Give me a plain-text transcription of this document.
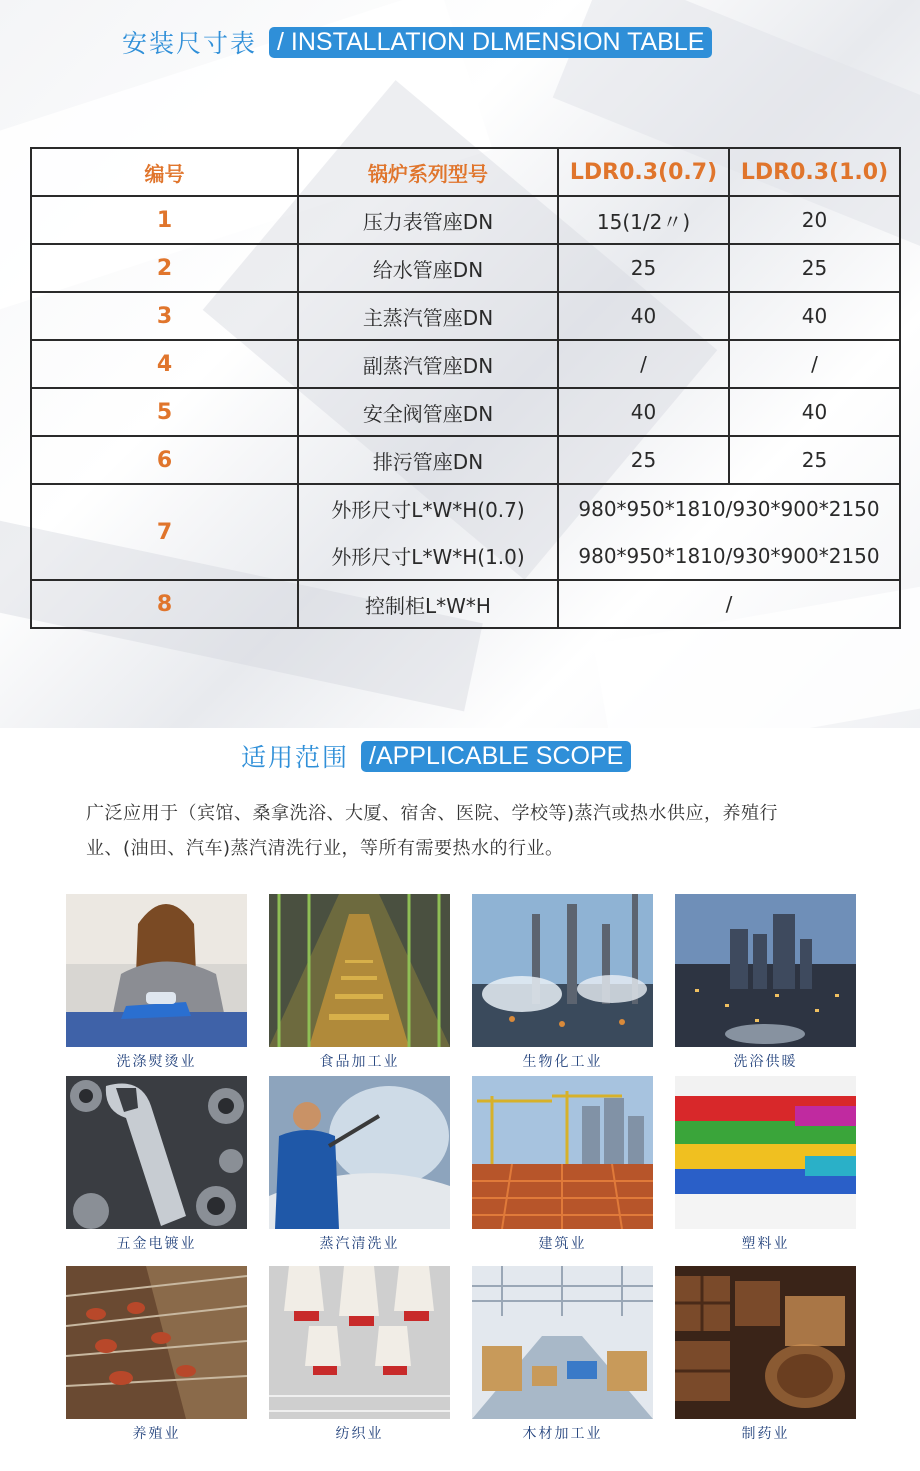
安装尺寸表 / INSTALLATION DLMENSION TABLE
编号	锅炉系列型号	LDR0.3(0.7)	LDR0.3(1.0)
1	压力表管座DN	15(1/2〃)	20
2	给水管座DN	25	25
3	主蒸汽管座DN	40	40
4	副蒸汽管座DN	/	/
5	安全阀管座DN	40	40
6	排污管座DN	25	25
7	外形尺寸L*W*H(0.7)	980*950*1810/930*900*2150	
	外形尺寸L*W*H(1.0)	980*950*1810/930*900*2150	
8	控制柜L*W*H	/	
适用范围 /APPLICABLE SCOPE
广泛应用于（宾馆、桑拿洗浴、大厦、宿舍、医院、学校等)蒸汽或热水供应，养殖行
业、(油田、汽车)蒸汽清洗行业，等所有需要热水的行业。
洗涤熨烫业	食品加工业	生物化工业	洗浴供暖
五金电镀业	蒸汽清洗业	建筑业	塑料业
养殖业	纺织业	木材加工业	制药业
